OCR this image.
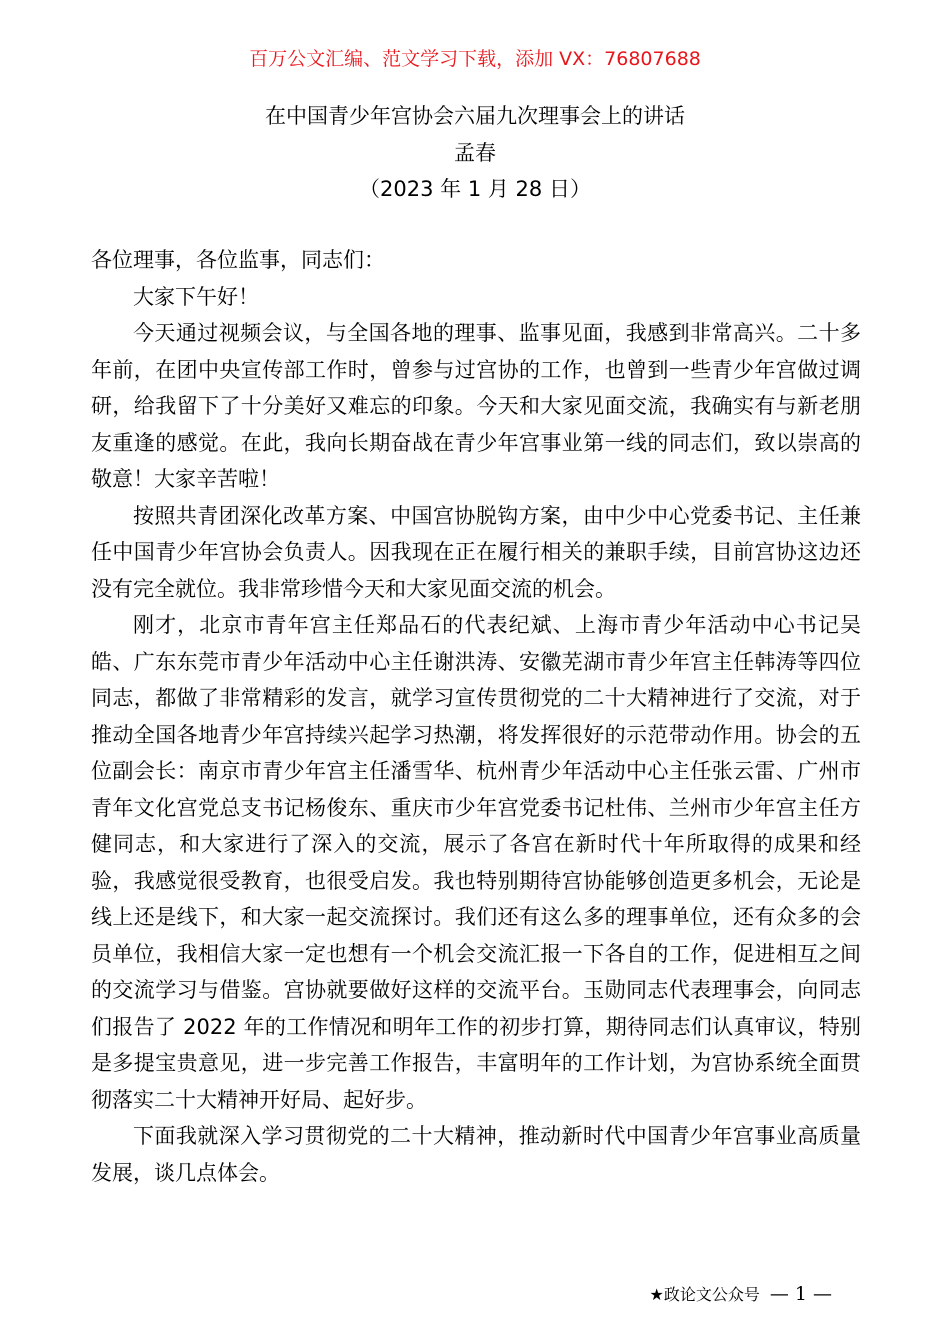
百万公文汇编、范文学习下载，添加 VX：76807688
在中国青少年宫协会六届九次理事会上的讲话
孟春
（2023 年 1 月 28 日）

各位理事，各位监事，同志们：

大家下午好！

今天通过视频会议，与全国各地的理事、监事见面，我感到非常高兴。二十多年前，在团中央宣传部工作时，曾参与过宫协的工作，也曾到一些青少年宫做过调研，给我留下了十分美好又难忘的印象。今天和大家见面交流，我确实有与新老朋友重逢的感觉。在此，我向长期奋战在青少年宫事业第一线的同志们，致以崇高的敬意！大家辛苦啦！

按照共青团深化改革方案、中国宫协脱钩方案，由中少中心党委书记、主任兼任中国青少年宫协会负责人。因我现在正在履行相关的兼职手续，目前宫协这边还没有完全就位。我非常珍惜今天和大家见面交流的机会。

刚才，北京市青年宫主任郑品石的代表纪斌、上海市青少年活动中心书记吴皓、广东东莞市青少年活动中心主任谢洪涛、安徽芜湖市青少年宫主任韩涛等四位同志，都做了非常精彩的发言，就学习宣传贯彻党的二十大精神进行了交流，对于推动全国各地青少年宫持续兴起学习热潮，将发挥很好的示范带动作用。协会的五位副会长：南京市青少年宫主任潘雪华、杭州青少年活动中心主任张云雷、广州市青年文化宫党总支书记杨俊东、重庆市少年宫党委书记杜伟、兰州市少年宫主任方健同志，和大家进行了深入的交流，展示了各宫在新时代十年所取得的成果和经验，我感觉很受教育，也很受启发。我也特别期待宫协能够创造更多机会，无论是线上还是线下，和大家一起交流探讨。我们还有这么多的理事单位，还有众多的会员单位，我相信大家一定也想有一个机会交流汇报一下各自的工作，促进相互之间的交流学习与借鉴。宫协就要做好这样的交流平台。玉勋同志代表理事会，向同志们报告了 2022 年的工作情况和明年工作的初步打算，期待同志们认真审议，特别是多提宝贵意见，进一步完善工作报告，丰富明年的工作计划，为宫协系统全面贯彻落实二十大精神开好局、起好步。

下面我就深入学习贯彻党的二十大精神，推动新时代中国青少年宫事业高质量发展，谈几点体会。

★政论文公众号 — 1 —
